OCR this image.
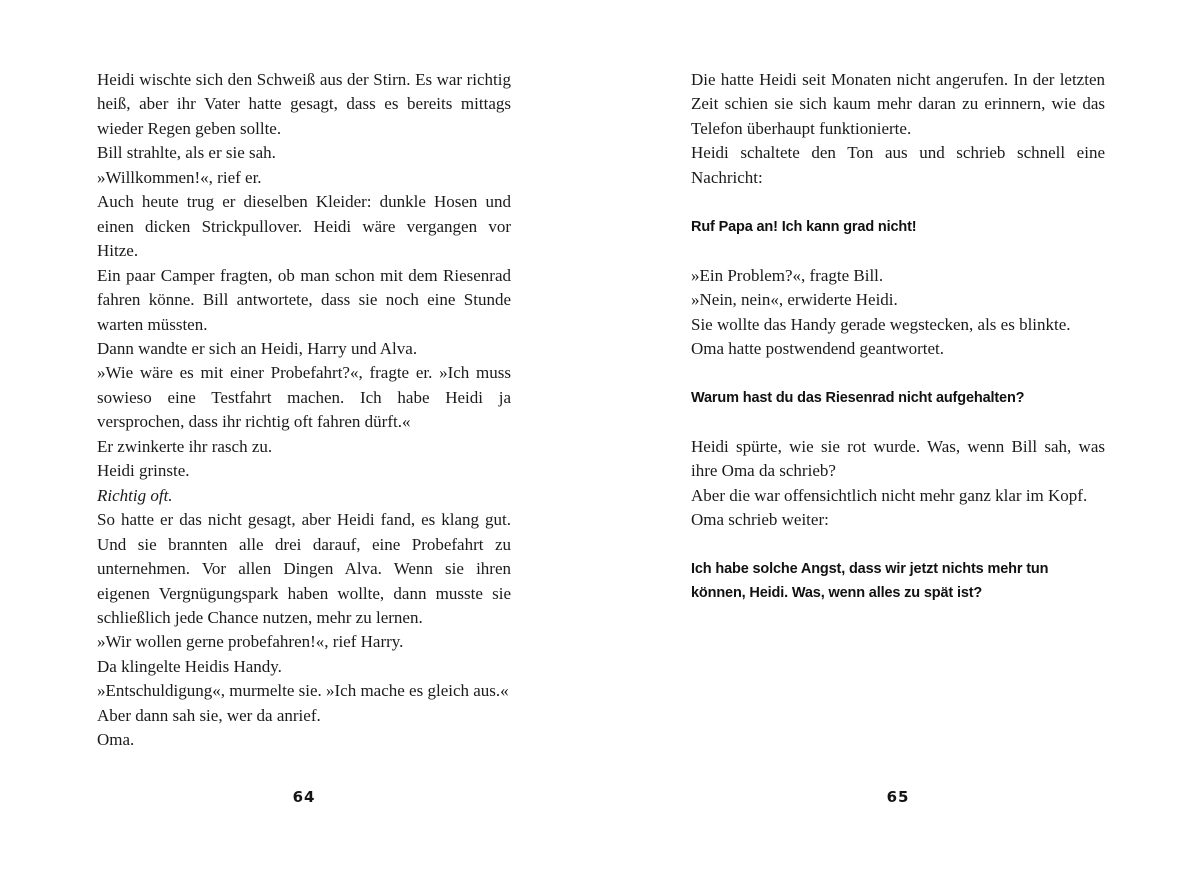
Heidi wischte sich den Schweiß aus der Stirn. Es war richtig heiß, aber ihr Vater hatte gesagt, dass es bereits mittags wieder Regen geben sollte.

Bill strahlte, als er sie sah.

»Willkommen!«, rief er.

Auch heute trug er dieselben Kleider: dunkle Hosen und einen dicken Strickpullover. Heidi wäre vergangen vor Hitze.

Ein paar Camper fragten, ob man schon mit dem Riesenrad fahren könne. Bill antwortete, dass sie noch eine Stunde warten müssten.

Dann wandte er sich an Heidi, Harry und Alva.

»Wie wäre es mit einer Probefahrt?«, fragte er. »Ich muss sowieso eine Testfahrt machen. Ich habe Heidi ja versprochen, dass ihr richtig oft fahren dürft.«

Er zwinkerte ihr rasch zu.

Heidi grinste.

Richtig oft.

So hatte er das nicht gesagt, aber Heidi fand, es klang gut. Und sie brannten alle drei darauf, eine Probefahrt zu unternehmen. Vor allen Dingen Alva. Wenn sie ihren eigenen Vergnügungspark haben wollte, dann musste sie schließlich jede Chance nutzen, mehr zu lernen.

»Wir wollen gerne probefahren!«, rief Harry.

Da klingelte Heidis Handy.

»Entschuldigung«, murmelte sie. »Ich mache es gleich aus.«

Aber dann sah sie, wer da anrief.

Oma.

Die hatte Heidi seit Monaten nicht angerufen. In der letzten Zeit schien sie sich kaum mehr daran zu erinnern, wie das Telefon überhaupt funktionierte.

Heidi schaltete den Ton aus und schrieb schnell eine Nachricht:

Ruf Papa an! Ich kann grad nicht!

»Ein Problem?«, fragte Bill.

»Nein, nein«, erwiderte Heidi.

Sie wollte das Handy gerade wegstecken, als es blinkte.

Oma hatte postwendend geantwortet.

Warum hast du das Riesenrad nicht aufgehalten?

Heidi spürte, wie sie rot wurde. Was, wenn Bill sah, was ihre Oma da schrieb?

Aber die war offensichtlich nicht mehr ganz klar im Kopf.

Oma schrieb weiter:

Ich habe solche Angst, dass wir jetzt nichts mehr tun können, Heidi. Was, wenn alles zu spät ist?

64	65
